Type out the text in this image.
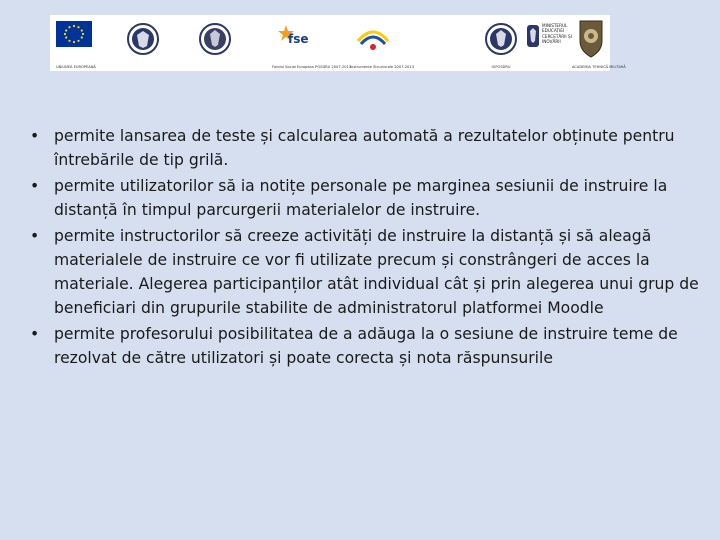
UNIUNEA EUROPEANĂ
fse
Fondul Social European POSDRU 2007-2013
Instrumente Structurale 2007-2013	OIPOSDRU
MINISTERUL EDUCAȚIEI CERCETĂRII ȘI INOVĂRII
ACADEMIA TEHNICĂ MILITARĂ
• permite lansarea de teste și calcularea automată a rezultatelor obținute pentru întrebările de tip grilă.
• permite utilizatorilor să ia notițe personale pe marginea sesiunii de instruire la distanță în timpul parcurgerii materialelor de instruire.
• permite instructorilor să creeze activități de instruire la distanță și să aleagă materialele de instruire ce vor fi utilizate precum și constrângeri de acces la materiale. Alegerea participanților atât individual cât și prin alegerea unui grup de beneficiari din grupurile stabilite de administratorul platformei Moodle
• permite profesorului posibilitatea de a adăuga la o sesiune de instruire teme de rezolvat de către utilizatori și poate corecta și nota răspunsurile
